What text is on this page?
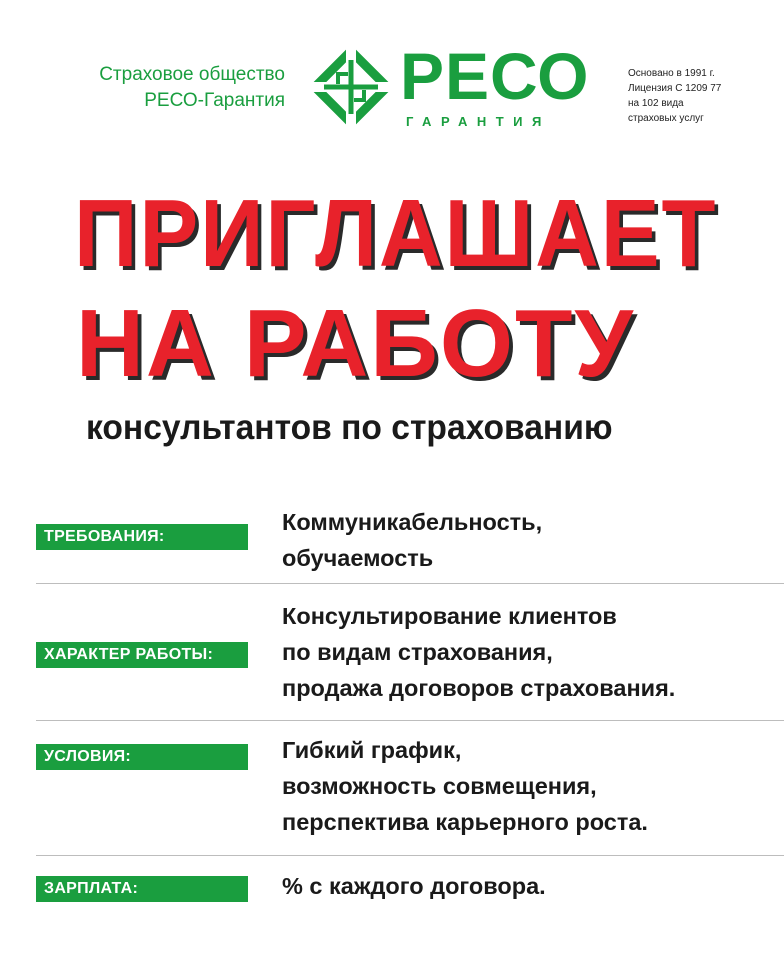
Страховое общество
РЕСО-Гарантия РЕСО
ГАРАНТИЯ
Основано в 1991 г.
Лицензия С 1209 77
на 102 вида
страховых услуг
ПРИГЛАШАЕТ
НА РАБОТУ
консультантов по страхованию
ТРЕБОВАНИЯ:
Коммуникабельность,
обучаемость
ХАРАКТЕР РАБОТЫ:
Консультирование клиентов
по видам страхования,
продажа договоров страхования.
УСЛОВИЯ:	Гибкий график,
возможность совмещения,
перспектива карьерного роста.
ЗАРПЛАТА:	% с каждого договора.
